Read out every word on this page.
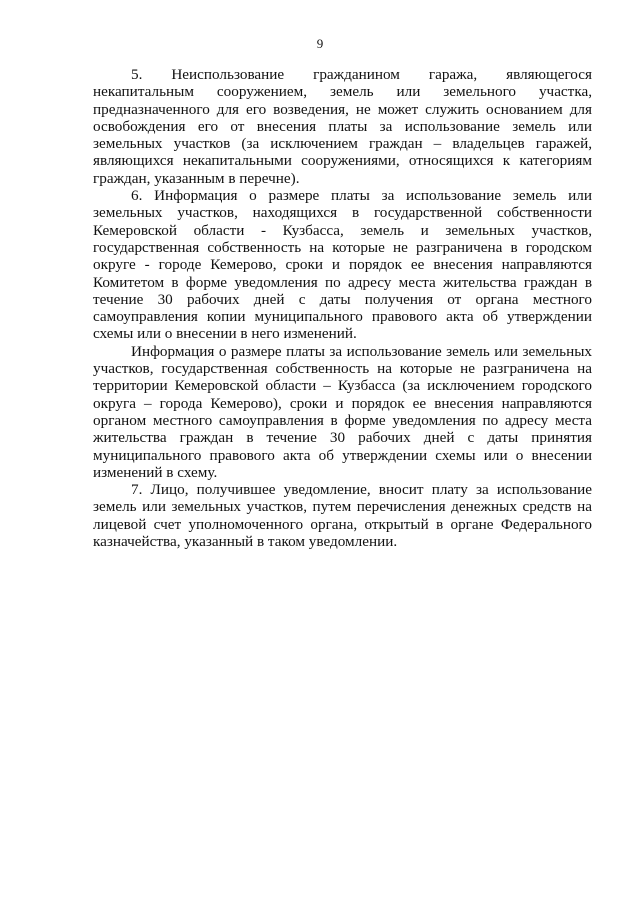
9

5. Неиспользование гражданином гаража, являющегося некапитальным сооружением, земель или земельного участка, предназначенного для его возведения, не может служить основанием для освобождения его от внесения платы за использование земель или земельных участков (за исключением граждан – владельцев гаражей, являющихся некапитальными сооружениями, относящихся к категориям граждан, указанным в перечне).

6. Информация о размере платы за использование земель или земельных участков, находящихся в государственной собственности Кемеровской области - Кузбасса, земель и земельных участков, государственная собственность на которые не разграничена в городском округе - городе Кемерово, сроки и порядок ее внесения направляются Комитетом в форме уведомления по адресу места жительства граждан в течение 30 рабочих дней с даты получения от органа местного самоуправления копии муниципального правового акта об утверждении схемы или о внесении в него изменений.

Информация о размере платы за использование земель или земельных участков, государственная собственность на которые не разграничена на территории Кемеровской области – Кузбасса (за исключением городского округа – города Кемерово), сроки и порядок ее внесения направляются органом местного самоуправления в форме уведомления по адресу места жительства граждан в течение 30 рабочих дней с даты принятия муниципального правового акта об утверждении схемы или о внесении изменений в схему.

7. Лицо, получившее уведомление, вносит плату за использование земель или земельных участков, путем перечисления денежных средств на лицевой счет уполномоченного органа, открытый в органе Федерального казначейства, указанный в таком уведомлении.
